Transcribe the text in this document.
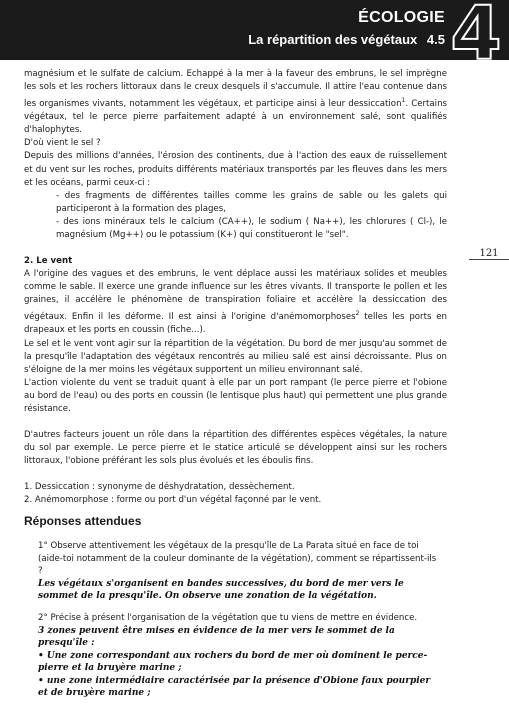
ÉCOLOGIE
La répartition des végétaux 4.5 4
121

magnésium et le sulfate de calcium. Echappé à la mer à la faveur des embruns, le sel imprègne les sols et les rochers littoraux dans le creux desquels il s'accumule. Il attire l'eau contenue dans les organismes vivants, notamment les végétaux, et participe ainsi à leur dessiccation$^1$. Certains végétaux, tel le perce pierre parfaitement adapté à un environnement salé, sont qualifiés d'halophytes.

D'où vient le sel ?

Depuis des millions d'années, l'érosion des continents, due à l'action des eaux de ruissellement et du vent sur les roches, produits différents matériaux transportés par les fleuves dans les mers et les océans, parmi ceux-ci :

- des fragments de différentes tailles comme les grains de sable ou les galets qui participeront à la formation des plages,

- des ions minéraux tels le calcium (CA++), le sodium ( Na++), les chlorures ( Cl-), le magnésium (Mg++) ou le potassium (K+) qui constitueront le "sel".

2. Le vent

A l'origine des vagues et des embruns, le vent déplace aussi les matériaux solides et meubles comme le sable. Il exerce une grande influence sur les êtres vivants. Il transporte le pollen et les graines, il accélère le phénomène de transpiration foliaire et accélère la dessiccation des végétaux. Enfin il les déforme. Il est ainsi à l'origine d'anémomorphoses$^2$ telles les ports en drapeaux et les ports en coussin (fiche...).

Le sel et le vent vont agir sur la répartition de la végétation. Du bord de mer jusqu'au sommet de la presqu'île l'adaptation des végétaux rencontrés au milieu salé est ainsi décroissante. Plus on s'éloigne de la mer moins les végétaux supportent un milieu environnant salé.

L'action violente du vent se traduit quant à elle par un port rampant (le perce pierre et l'obione au bord de l'eau) ou des ports en coussin (le lentisque plus haut) qui permettent une plus grande résistance.

D'autres facteurs jouent un rôle dans la répartition des différentes espèces végétales, la nature du sol par exemple. Le perce pierre et le statice articulé se développent ainsi sur les rochers littoraux, l'obione préférant les sols plus évolués et les éboulis fins.

1. Dessiccation : synonyme de déshydratation, dessèchement.

2. Anémomorphose : forme ou port d'un végétal façonné par le vent.

Réponses attendues
1° Observe attentivement les végétaux de la presqu'île de La Parata situé en face de toi (aide-toi notamment de la couleur dominante de la végétation), comment se répartissent-ils ?
Les végétaux s'organisent en bandes successives, du bord de mer vers le sommet de la presqu'île. On observe une zonation de la végétation.
2° Précise à présent l'organisation de la végétation que tu viens de mettre en évidence.
3 zones peuvent être mises en évidence de la mer vers le sommet de la presqu'île :
• Une zone correspondant aux rochers du bord de mer où dominent le perce-pierre et la bruyère marine ;
• une zone intermédiaire caractérisée par la présence d'Obione faux pourpier et de bruyère marine ;
